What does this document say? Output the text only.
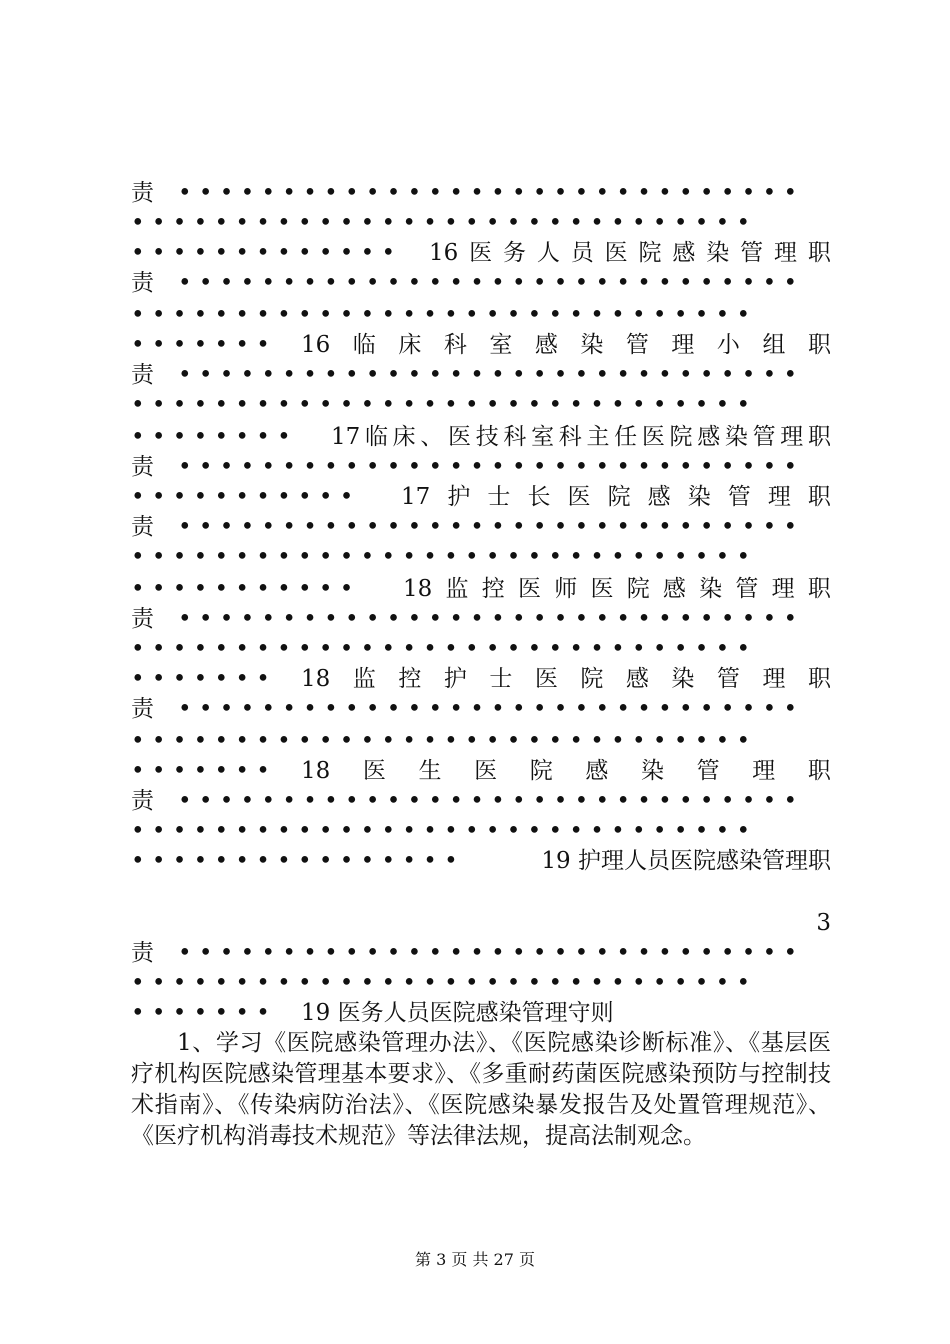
责 • • • • • • • • • • • • • • • • • • • • • • • • • • • • • •
• • • • • • • • • • • • • • • • • • • • • • • • • • • • • •
• • • • • • • • • • • • •	16 医 务 人 员 医 院 感 染 管 理 职
责 • • • • • • • • • • • • • • • • • • • • • • • • • • • • • •
• • • • • • • • • • • • • • • • • • • • • • • • • • • • • •
• • • • • • •	16 临 床 科 室 感 染 管 理 小 组 职
责 • • • • • • • • • • • • • • • • • • • • • • • • • • • • • •
• • • • • • • • • • • • • • • • • • • • • • • • • • • • • •
• • • • • • • •	17 临 床 、 医 技 科 室 科 主 任 医 院 感 染 管 理 职
责 • • • • • • • • • • • • • • • • • • • • • • • • • • • • • •
• • • • • • • • • • •	17 护 士 长 医 院 感 染 管 理 职
责 • • • • • • • • • • • • • • • • • • • • • • • • • • • • • •
• • • • • • • • • • • • • • • • • • • • • • • • • • • • • •
• • • • • • • • • • •	18 监 控 医 师 医 院 感 染 管 理 职
责 • • • • • • • • • • • • • • • • • • • • • • • • • • • • • •
• • • • • • • • • • • • • • • • • • • • • • • • • • • • • •
• • • • • • •	18 监 控 护 士 医 院 感 染 管 理 职
责 • • • • • • • • • • • • • • • • • • • • • • • • • • • • • •
• • • • • • • • • • • • • • • • • • • • • • • • • • • • • •
• • • • • • •	18 医 生 医 院 感 染 管 理 职
责 • • • • • • • • • • • • • • • • • • • • • • • • • • • • • •
• • • • • • • • • • • • • • • • • • • • • • • • • • • • • •
• • • • • • • • • • • • • • • •	19 护理人员医院感染管理职
3
责 • • • • • • • • • • • • • • • • • • • • • • • • • • • • • •
• • • • • • • • • • • • • • • • • • • • • • • • • • • • • •
• • • • • • •	19 医务人员医院感染管理守则
1、学习《医院感染管理办法》、《医院感染诊断标准》、《基层医疗机构医院感染管理基本要求》、《多重耐药菌医院感染预防与控制技术指南》、《传染病防治法》、《医院感染暴发报告及处置管理规范》、《医疗机构消毒技术规范》等法律法规，提高法制观念。
第 3 页 共 27 页
